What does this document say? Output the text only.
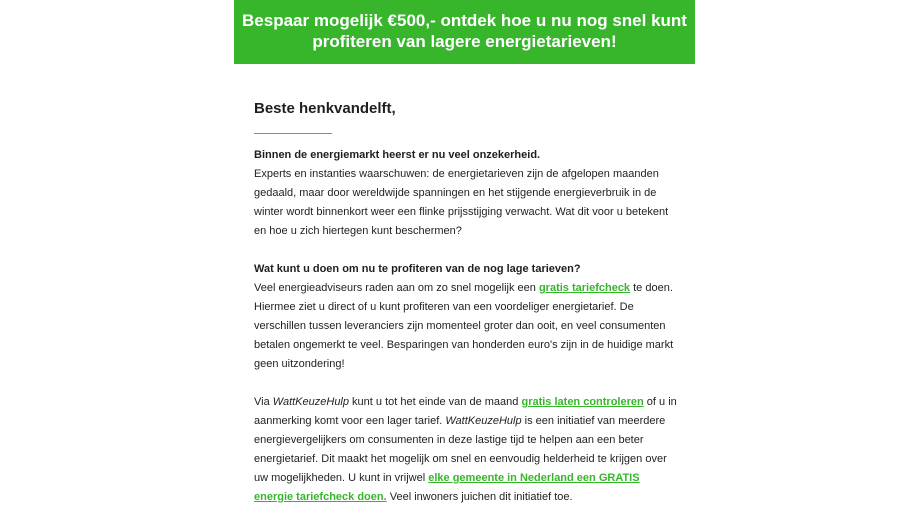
Bespaar mogelijk €500,- ontdek hoe u nu nog snel kunt
profiteren van lagere energietarieven!
Beste henkvandelft,
Binnen de energiemarkt heerst er nu veel onzekerheid.
Experts en instanties waarschuwen: de energietarieven zijn de afgelopen maanden
gedaald, maar door wereldwijde spanningen en het stijgende energieverbruik in de
winter wordt binnenkort weer een flinke prijsstijging verwacht. Wat dit voor u betekent
en hoe u zich hiertegen kunt beschermen?
Wat kunt u doen om nu te profiteren van de nog lage tarieven?
Veel energieadviseurs raden aan om zo snel mogelijk een gratis tariefcheck te doen.
Hiermee ziet u direct of u kunt profiteren van een voordeliger energietarief. De
verschillen tussen leveranciers zijn momenteel groter dan ooit, en veel consumenten
betalen ongemerkt te veel. Besparingen van honderden euro's zijn in de huidige markt
geen uitzondering!
Via WattKeuzeHulp kunt u tot het einde van de maand gratis laten controleren of u in
aanmerking komt voor een lager tarief. WattKeuzeHulp is een initiatief van meerdere
energievergelijkers om consumenten in deze lastige tijd te helpen aan een beter
energietarief. Dit maakt het mogelijk om snel en eenvoudig helderheid te krijgen over
uw mogelijkheden. U kunt in vrijwel elke gemeente in Nederland een GRATIS
energie tariefcheck doen. Veel inwoners juichen dit initiatief toe.
